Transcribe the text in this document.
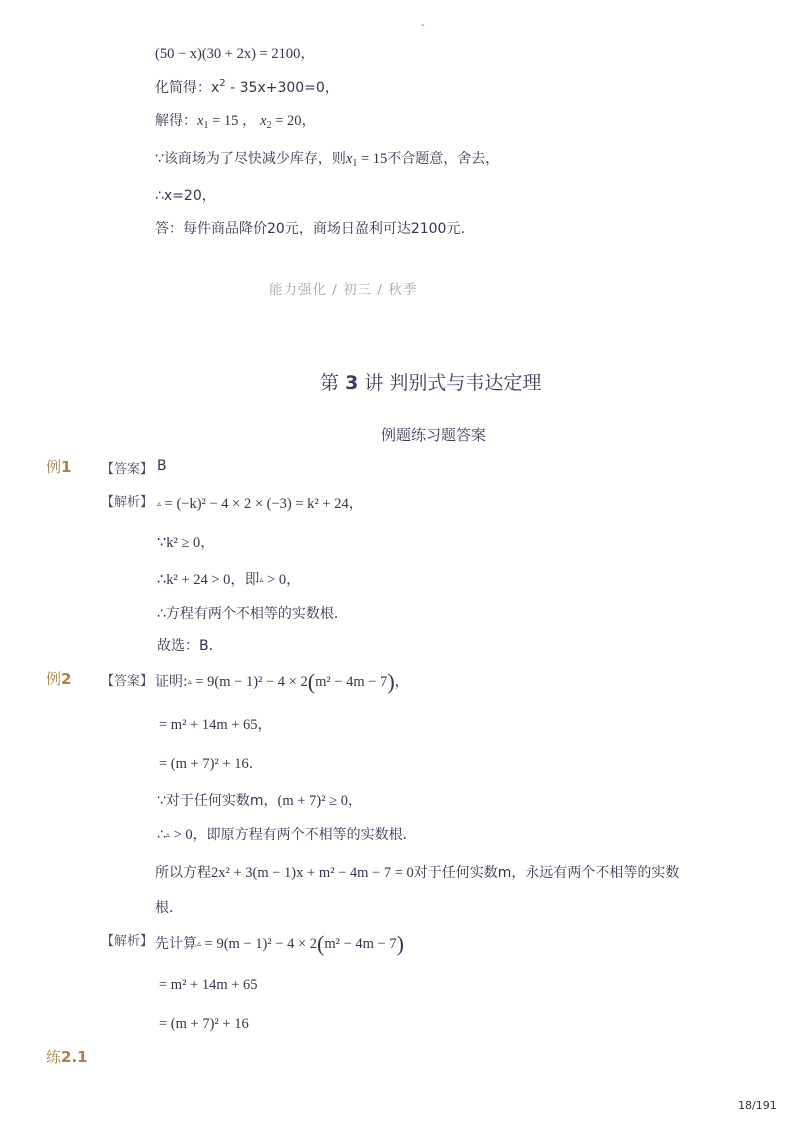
-
(50 − x)(30 + 2x) = 2100，
化简得：$x^2 - 35x+300=0$，
解得：$x_1 = 15$ ， $x_2 = 20$，
∵该商场为了尽快减少库存，则$x_1 = 15$不合题意，舍去，
∴x=20，
答：每件商品降价20元，商场日盈利可达2100元.
能力强化 / 初三 / 秋季
第 3 讲 判别式与韦达定理
例题练习题答案
例1 【答案】 B
【解析】 ▵ = (−k)² − 4 × 2 × (−3) = k² + 24，
∵k² ≥ 0，
∴k² + 24 > 0，即▵ > 0，
∴方程有两个不相等的实数根．
故选：B．
例2 【答案】 证明:▵ = 9(m − 1)² − 4 × 2(m² − 4m − 7)，
= m² + 14m + 65，
= (m + 7)² + 16．
∵对于任何实数m，(m + 7)² ≥ 0，
∴▵ > 0，即原方程有两个不相等的实数根．
所以方程2x² + 3(m − 1)x + m² − 4m − 7 = 0对于任何实数m，永远有两个不相等的实数
根．
【解析】 先计算▵ = 9(m − 1)² − 4 × 2(m² − 4m − 7)
= m² + 14m + 65
= (m + 7)² + 16
练2.1
18/191
